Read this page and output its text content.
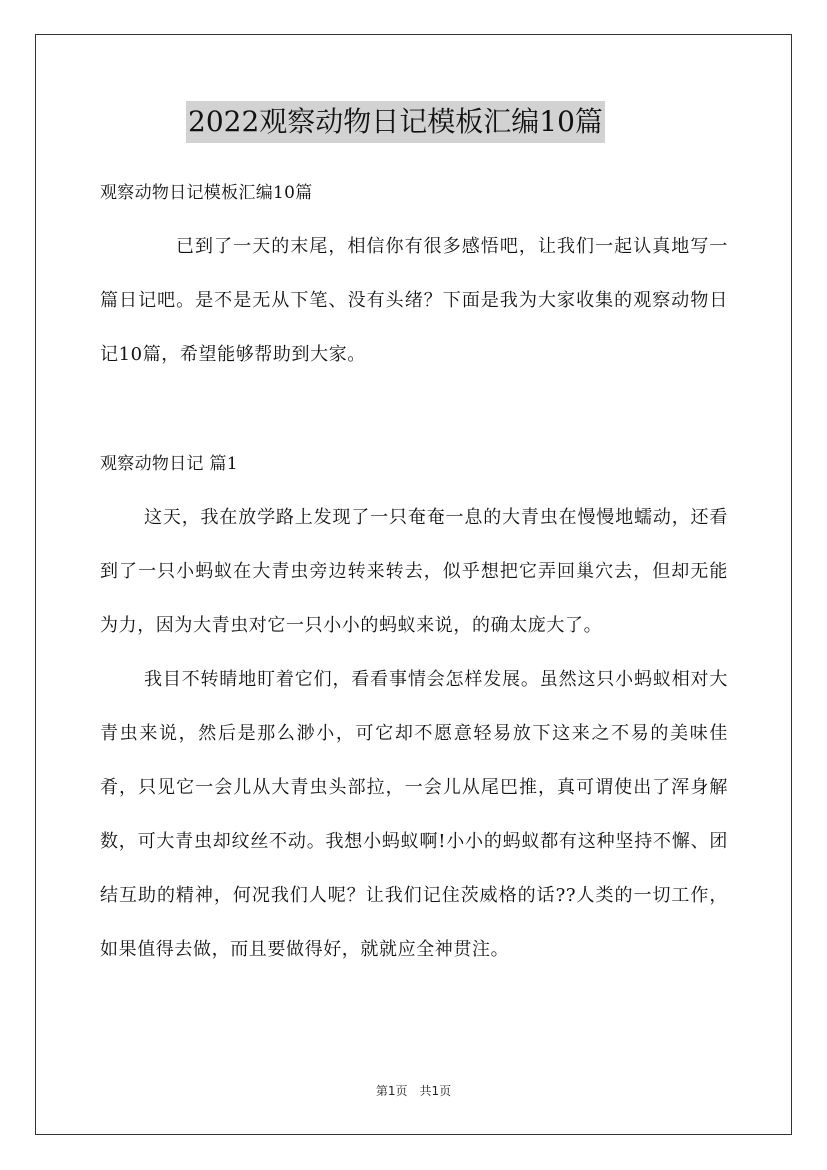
2022观察动物日记模板汇编10篇

观察动物日记模板汇编10篇

已到了一天的末尾，相信你有很多感悟吧，让我们一起认真地写一篇日记吧。是不是无从下笔、没有头绪？下面是我为大家收集的观察动物日记10篇，希望能够帮助到大家。

观察动物日记 篇1

这天，我在放学路上发现了一只奄奄一息的大青虫在慢慢地蠕动，还看到了一只小蚂蚁在大青虫旁边转来转去，似乎想把它弄回巢穴去，但却无能为力，因为大青虫对它一只小小的蚂蚁来说，的确太庞大了。

我目不转睛地盯着它们，看看事情会怎样发展。虽然这只小蚂蚁相对大青虫来说，然后是那么渺小，可它却不愿意轻易放下这来之不易的美味佳肴，只见它一会儿从大青虫头部拉，一会儿从尾巴推，真可谓使出了浑身解数，可大青虫却纹丝不动。我想小蚂蚁啊!小小的蚂蚁都有这种坚持不懈、团结互助的精神，何况我们人呢？让我们记住茨威格的话??人类的一切工作，如果值得去做，而且要做得好，就就应全神贯注。

第1页　共1页
